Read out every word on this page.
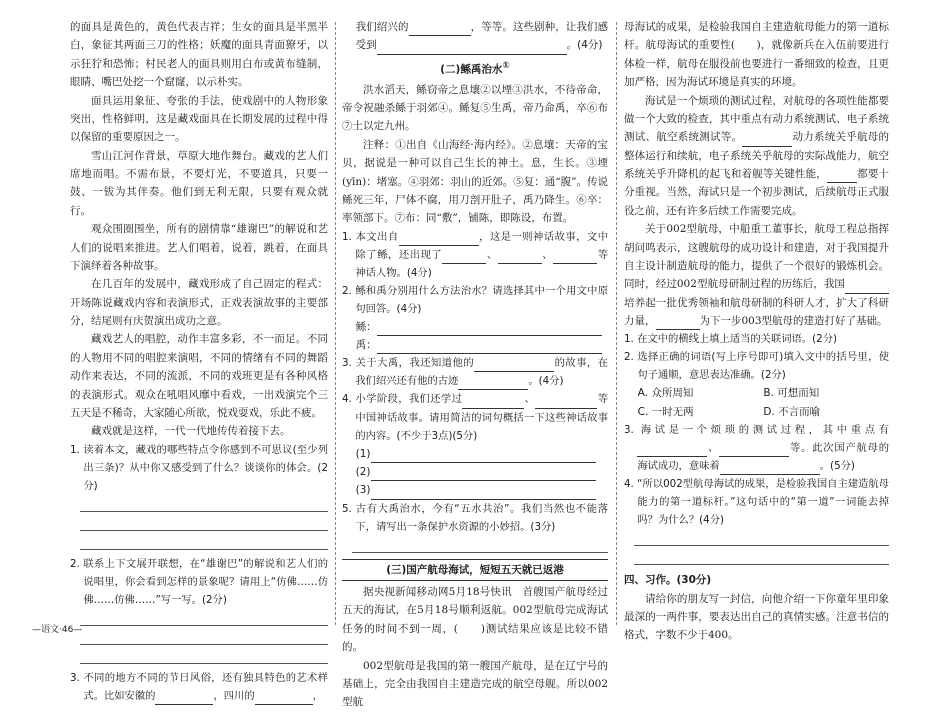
的面具是黄色的，黄色代表吉祥；生女的面具是半黑半白，象征其两面三刀的性格；妖魔的面具青面獠牙，以示狂狞和恐怖；村民老人的面具则用白布或黄布缝制，眼睛、嘴巴处挖一个窟窿，以示朴实。

面具运用象征、夸张的手法，使戏剧中的人物形象突出，性格鲜明，这是藏戏面具在长期发展的过程中得以保留的重要原因之一。

雪山江河作背景，草原大地作舞台。藏戏的艺人们席地而唱。不需布景，不要灯光，不要道具，只要一鼓、一钹为其伴奏。他们到无利无限，只要有观众就行。

观众围圈围坐，所有的剧情靠“雄谢巴”的解说和艺人们的说唱来推进。艺人们唱着，说着，跳着，在面具下演绎着各种故事。

在几百年的发展中，藏戏形成了自己固定的程式：开场陈说藏戏内容和表演形式，正戏表演故事的主要部分，结尾则有庆贺演出成功之意。

藏戏艺人的唱腔，动作丰富多彩，不一而足。不同的人物用不同的唱腔来演唱，不同的情绪有不同的舞蹈动作来表达，不同的流派，不同的戏班更是有各种风格的表演形式。观众在吼唱风靡中看戏，一出戏演完个三五天是不稀奇，大家随心所欲，悦戏耍戏，乐此不疲。

藏戏就是这样，一代一代地传传着接下去。

1. 读着本文，藏戏的哪些特点令你感到不可思议(至少列出三条)？从中你又感受到了什么？谈谈你的体会。(2分)

2. 联系上下文展开联想，在“雄谢巴”的解说和艺人们的说唱里，你会看到怎样的景象呢？请用上“仿佛……仿佛……仿佛……”写一写。(2分)

3. 不同的地方不同的节日风俗，还有独具特色的艺术样式。比如安徽的	，四川的	，

我们绍兴的	，等等。这些剧种，让我们感受到	。(4分)

(二)鲧禹治水①

洪水滔天，鲧窃帝之息壤②以堙③洪水，不待帝命，帝令祝融杀鲧于羽郊④。鲧复⑤生禹，帝乃命禹，卒⑥布⑦土以定九州。

注释：①出自《山海经·海内经》。②息壤：天帝的宝贝，据说是一种可以自己生长的神土。息，生长。③堙(yīn)：堵塞。④羽郊：羽山的近郊。⑤复：通“腹”。传说鲧死三年，尸体不腐，用刀剖开肚子，禹乃降生。⑥卒：率领部下。⑦布：同“敷”，铺陈，即陈设，布置。

1. 本文出自	，这是一则神话故事，文中除了鲧，还出现了	、	、	等神话人物。(4分)

2. 鲧和禹分别用什么方法治水？请选择其中一个用文中原句回答。(4分)

鲧：

禹：

3. 关于大禹，我还知道他的	的故事，在我们绍兴还有他的古迹	。(4分)

4. 小学阶段，我们还学过	、	等中国神话故事。请用简洁的词句概括一下这些神话故事的内容。(不少于3点)(5分)

(1)

(2)

(3)

5. 古有大禹治水，今有“五水共治”。我们当然也不能落下，请写出一条保护水资源的小妙招。(3分)

(三)国产航母海试，短短五天就已返港

据央视新闻移动网5月18号快讯　首艘国产航母经过五天的海试，在5月18号顺利返航。002型航母完成海试任务的时间不到一周，(　　)测试结果应该是比较不错的。

002型航母是我国的第一艘国产航母，是在辽宁号的基础上，完全由我国自主建造完成的航空母舰。所以002型航

母海试的成果，是检验我国自主建造航母能力的第一道标杆。航母海试的重要性(　　)，就像新兵在入伍前要进行体检一样，航母在服役前也要进行一番细致的检查，且更加严格，因为海试环境是真实的环境。

海试是一个烦琐的测试过程，对航母的各项性能都要做一个大致的检查，其中重点有动力系统测试、电子系统测试、航空系统测试等。	动力系统关乎航母的整体运行和续航，电子系统关乎航母的实际战能力，航空系统关乎升降机的起飞和着舰等关键性能，	都要十分重视。当然，海试只是一个初步测试，后续航母正式服役之前，还有许多后续工作需要完成。

关于002型航母，中船重工董事长，航母工程总指挥胡问鸣表示，这艘航母的成功设计和建造，对于我国提升自主设计制造航母的能力，提供了一个很好的锻炼机会。同时，经过002型航母研制过程的历练后，我国培养起一批优秀领袖和航母研制的科研人才，扩大了科研力量，	为下一步003型航母的建造打好了基础。

1. 在文中的横线上填上适当的关联词语。(2分)

2. 选择正确的词语(写上序号即可)填入文中的括号里，使句子通顺，意思表达准确。(2分)

A. 众所周知	B. 可想而知
C. 一时无两	D. 不言而喻

3. 海试是一个烦琐的测试过程，其中重点有、	等。此次国产航母的海试成功，意味着	。(5分)

4. “所以002型航母海试的成果，是检验我国自主建造航母能力的第一道标杆。”这句话中的“第一道”一词能去掉吗？为什么？(4分)

四、习作。(30分)

请给你的朋友写一封信，向他介绍一下你童年里印象最深的一两件事，要表达出自己的真情实感。注意书信的格式，字数不少于400。

—语文·46—
